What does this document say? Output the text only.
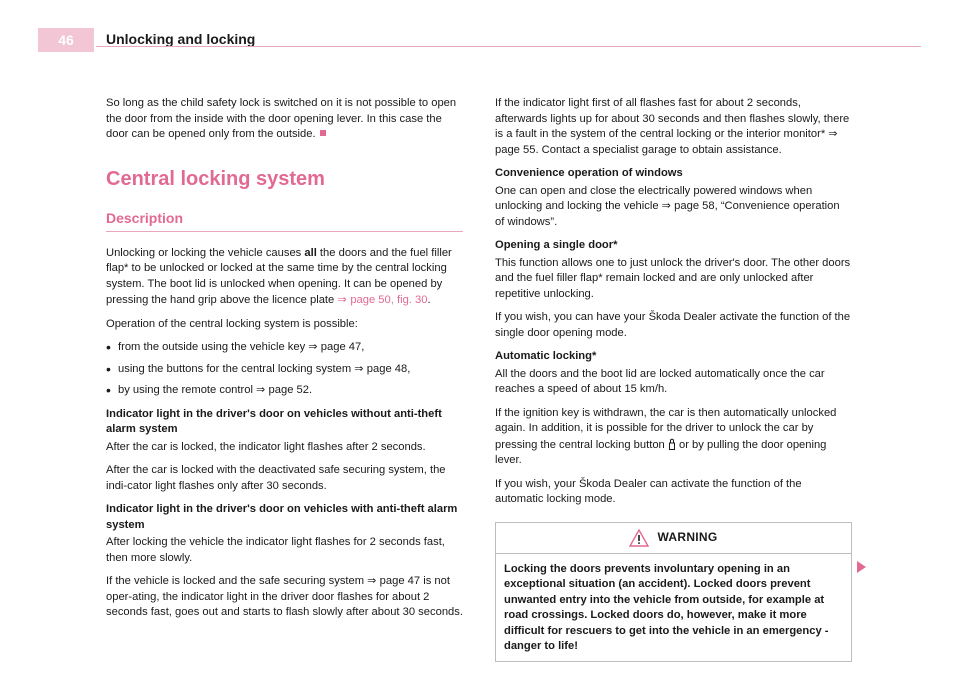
46	Unlocking and locking

So long as the child safety lock is switched on it is not possible to open the door from the inside with the door opening lever. In this case the door can be opened only from the outside.

Central locking system
Description

Unlocking or locking the vehicle causes all the doors and the fuel filler flap* to be unlocked or locked at the same time by the central locking system. The boot lid is unlocked when opening. It can be opened by pressing the hand grip above the licence plate ⇒ page 50, fig. 30.

Operation of the central locking system is possible:

• from the outside using the vehicle key ⇒ page 47,
• using the buttons for the central locking system ⇒ page 48,
• by using the remote control ⇒ page 52.
Indicator light in the driver's door on vehicles without anti-theft alarm system

After the car is locked, the indicator light flashes after 2 seconds.

After the car is locked with the deactivated safe securing system, the indi-cator light flashes only after 30 seconds.

Indicator light in the driver's door on vehicles with anti-theft alarm system

After locking the vehicle the indicator light flashes for 2 seconds fast, then more slowly.

If the vehicle is locked and the safe securing system ⇒ page 47 is not oper-ating, the indicator light in the driver door flashes for about 2 seconds fast, goes out and starts to flash slowly after about 30 seconds.

If the indicator light first of all flashes fast for about 2 seconds, afterwards lights up for about 30 seconds and then flashes slowly, there is a fault in the system of the central locking or the interior monitor* ⇒ page 55. Contact a specialist garage to obtain assistance.

Convenience operation of windows

One can open and close the electrically powered windows when unlocking and locking the vehicle ⇒ page 58, “Convenience operation of windows”.

Opening a single door*

This function allows one to just unlock the driver's door. The other doors and the fuel filler flap* remain locked and are only unlocked after repetitive unlocking.

If you wish, you can have your Škoda Dealer activate the function of the single door opening mode.

Automatic locking*

All the doors and the boot lid are locked automatically once the car reaches a speed of about 15 km/h.

If the ignition key is withdrawn, the car is then automatically unlocked again. In addition, it is possible for the driver to unlock the car by pressing the central locking button  or by pulling the door opening lever.

If you wish, your Škoda Dealer can activate the function of the automatic locking mode.

WARNING
Locking the doors prevents involuntary opening in an exceptional situation (an accident). Locked doors prevent unwanted entry into the vehicle from outside, for example at road crossings. Locked doors do, however, make it more difficult for rescuers to get into the vehicle in an emergency - danger to life!
